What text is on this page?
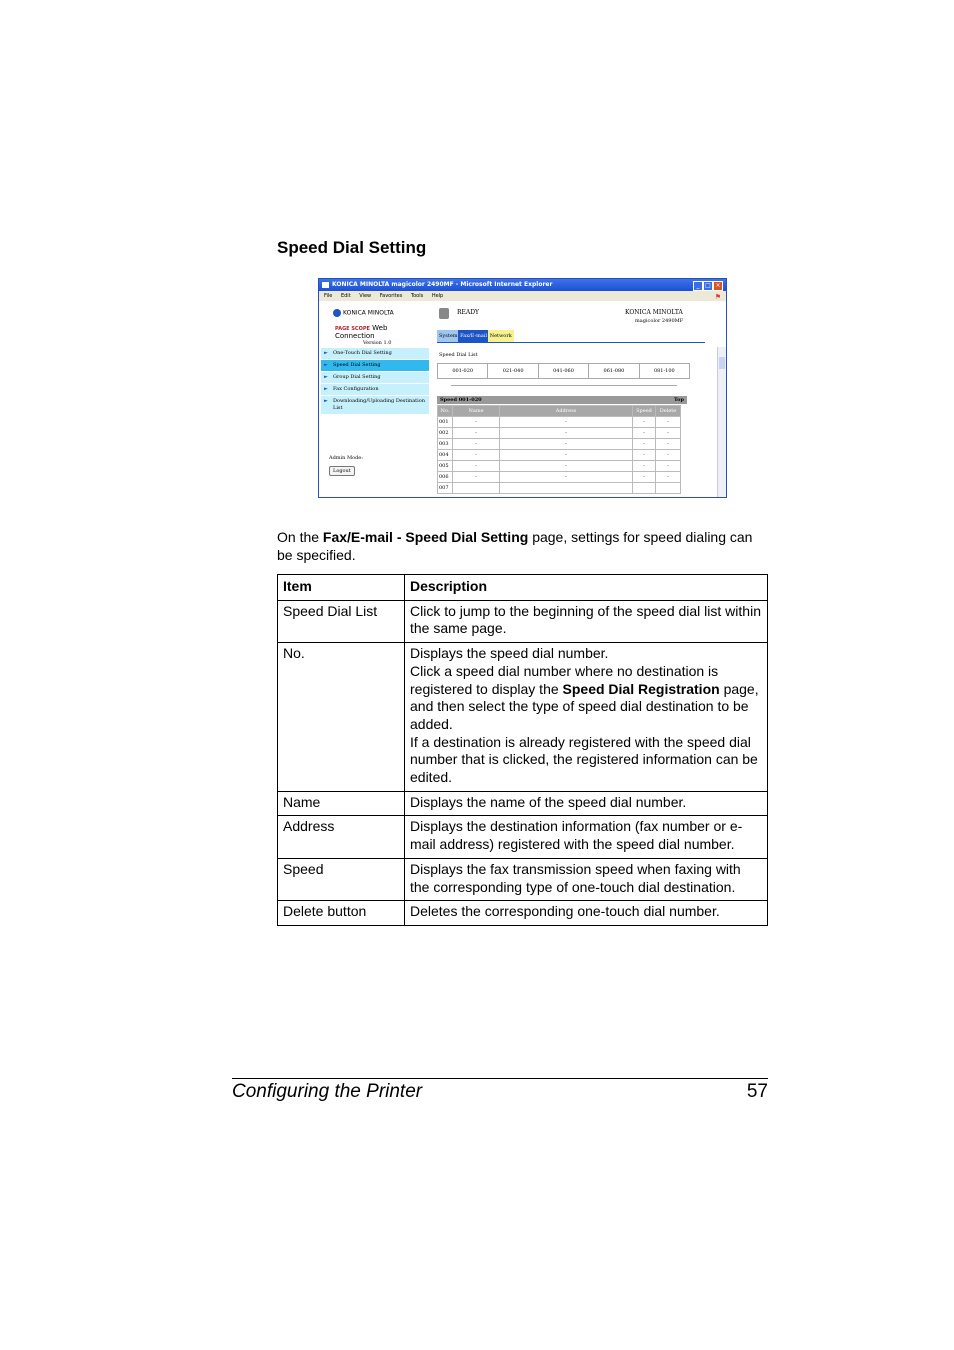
Speed Dial Setting
KONICA MINOLTA magicolor 2490MF - Microsoft Internet Explorer	_ □ ×
File Edit View Favorites Tools Help	⚑
KONICA MINOLTA
PAGE SCOPE Web Connection
Version 1.0
► One-Touch Dial Setting
► Speed Dial Setting
► Group Dial Setting
► Fax Configuration
► Downloading/Uploading Destination List
Admin Mode:
Logout
READY	KONICA MINOLTA
magicolor 2490MF
System Fax/E-mail Network
Speed Dial List
001-020	021-040	041-060	061-080	081-100
Speed 001-020	Top
No.	Name	Address	Speed	Delete
001	-	-	-	-
002	-	-	-	-
003	-	-	-	-
004	-	-	-	-
005	-	-	-	-
006	-	-	-	-
007				
On the Fax/E-mail - Speed Dial Setting page, settings for speed dialing can be specified.
Item	Description
Speed Dial List	Click to jump to the beginning of the speed dial list within the same page.
No.	Displays the speed dial number.
Click a speed dial number where no destination is registered to display the Speed Dial Registration page, and then select the type of speed dial destination to be added.
If a destination is already registered with the speed dial number that is clicked, the registered information can be edited.

Name	Displays the name of the speed dial number.
Address	Displays the destination information (fax number or e-mail address) registered with the speed dial number.
Speed	Displays the fax transmission speed when faxing with the corresponding type of one-touch dial destination.
Delete button	Deletes the corresponding one-touch dial number.
Configuring the Printer	57
